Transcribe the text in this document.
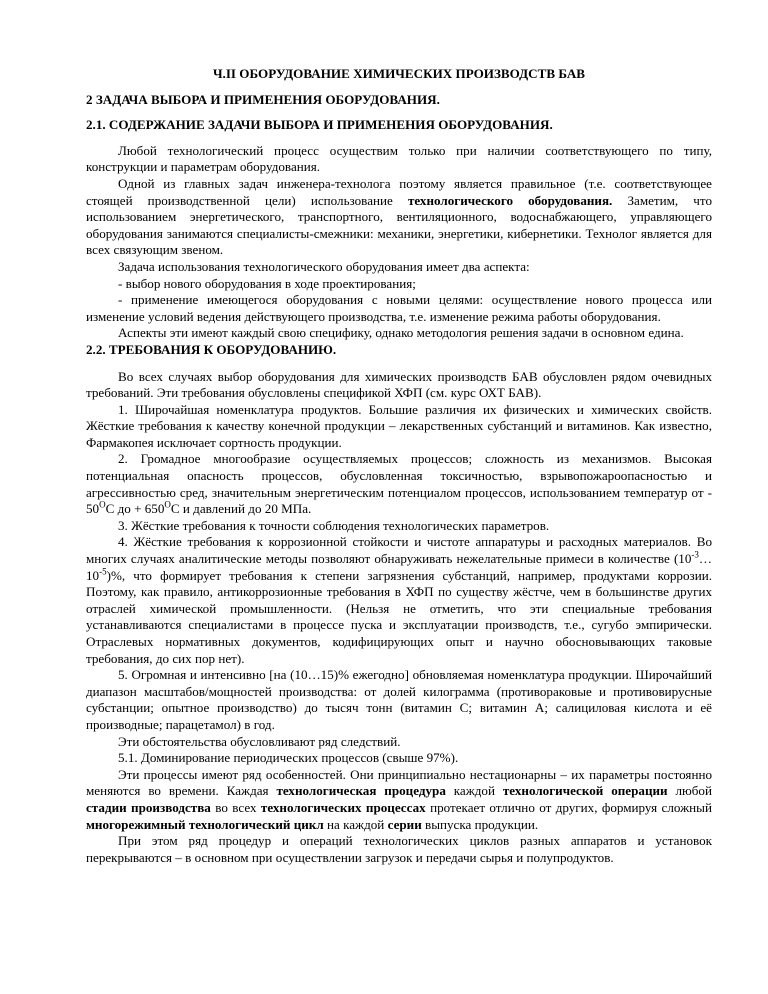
Ч.II ОБОРУДОВАНИЕ ХИМИЧЕСКИХ ПРОИЗВОДСТВ БАВ
2 ЗАДАЧА ВЫБОРА И ПРИМЕНЕНИЯ ОБОРУДОВАНИЯ.
2.1. СОДЕРЖАНИЕ ЗАДАЧИ ВЫБОРА И ПРИМЕНЕНИЯ ОБОРУДОВАНИЯ.

Любой технологический процесс осуществим только при наличии соответствующего по типу, конструкции и параметрам оборудования.

Одной из главных задач инженера-технолога поэтому является правильное (т.е. соответствующее стоящей производственной цели) использование технологического оборудования. Заметим, что использованием энергетического, транспортного, вентиляционного, водоснабжающего, управляющего оборудования занимаются специалисты-смежники: механики, энергетики, кибернетики. Технолог является для всех связующим звеном.

Задача использования технологического оборудования имеет два аспекта:

- выбор нового оборудования в ходе проектирования;

- применение имеющегося оборудования с новыми целями: осуществление нового процесса или изменение условий ведения действующего производства, т.е. изменение режима работы оборудования.

Аспекты эти имеют каждый свою специфику, однако методология решения задачи в основном едина.

2.2. ТРЕБОВАНИЯ К ОБОРУДОВАНИЮ.

Во всех случаях выбор оборудования для химических производств БАВ обусловлен рядом очевидных требований. Эти требования обусловлены спецификой ХФП (см. курс ОХТ БАВ).

1. Широчайшая номенклатура продуктов. Большие различия их физических и химических свойств. Жёсткие требования к качеству конечной продукции – лекарственных субстанций и витаминов. Как известно, Фармакопея исключает сортность продукции.

2. Громадное многообразие осуществляемых процессов; сложность из механизмов. Высокая потенциальная опасность процессов, обусловленная токсичностью, взрывопожароопасностью и агрессивностью сред, значительным энергетическим потенциалом процессов, использованием температур от - $50^ОС$ до + $650^ОС$ и давлений до 20 МПа.

3. Жёсткие требования к точности соблюдения технологических параметров.

4. Жёсткие требования к коррозионной стойкости и чистоте аппаратуры и расходных материалов. Во многих случаях аналитические методы позволяют обнаруживать нежелательные примеси в количестве $(10^{-3}\dots 10^{-5})\%$, что формирует требования к степени загрязнения субстанций, например, продуктами коррозии. Поэтому, как правило, антикоррозионные требования в ХФП по существу жёстче, чем в большинстве других отраслей химической промышленности. (Нельзя не отметить, что эти специальные требования устанавливаются специалистами в процессе пуска и эксплуатации производств, т.е., сугубо эмпирически. Отраслевых нормативных документов, кодифицирующих опыт и научно обосновывающих таковые требования, до сих пор нет).

5. Огромная и интенсивно [на (10…15)% ежегодно] обновляемая номенклатура продукции. Широчайший диапазон масштабов/мощностей производства: от долей килограмма (противораковые и противовирусные субстанции; опытное производство) до тысяч тонн (витамин С; витамин А; салициловая кислота и её производные; парацетамол) в год.

Эти обстоятельства обусловливают ряд следствий.

5.1. Доминирование периодических процессов (свыше 97%).

Эти процессы имеют ряд особенностей. Они принципиально нестационарны – их параметры постоянно меняются во времени. Каждая технологическая процедура каждой технологической операции любой стадии производства во всех технологических процессах протекает отлично от других, формируя сложный многорежимный технологический цикл на каждой серии выпуска продукции.

При этом ряд процедур и операций технологических циклов разных аппаратов и установок перекрываются – в основном при осуществлении загрузок и передачи сырья и полупродуктов.
